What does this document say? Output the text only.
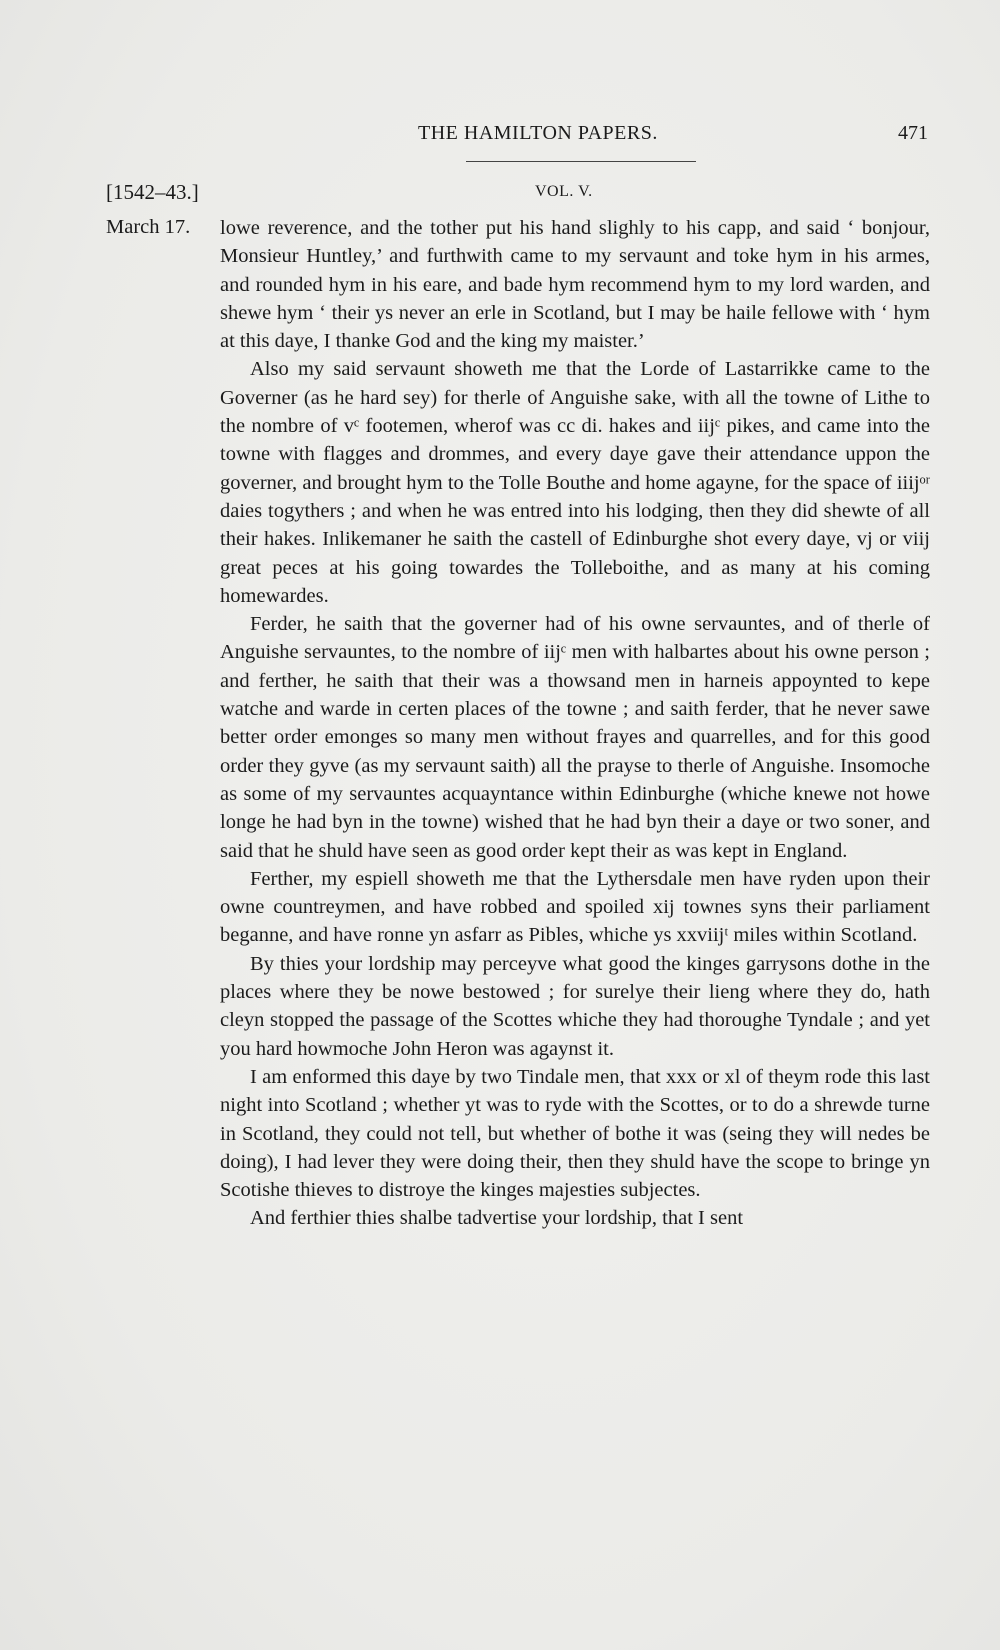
THE HAMILTON PAPERS.	471
[1542–43.]	VOL. V.
March 17. lowe reverence, and the tother put his hand slighly to his capp, and said ‘ bonjour, Monsieur Huntley,’ and furthwith came to my servaunt and toke hym in his armes, and rounded hym in his eare, and bade hym recommend hym to my lord warden, and shewe hym ‘ their ys never an erle in Scotland, but I may be haile fellowe with ‘ hym at this daye, I thanke God and the king my maister.’

Also my said servaunt showeth me that the Lorde of Lastarrikke came to the Governer (as he hard sey) for therle of Anguishe sake, with all the towne of Lithe to the nombre of vᶜ footemen, wherof was cc di. hakes and iijᶜ pikes, and came into the towne with flagges and drommes, and every daye gave their attendance uppon the governer, and brought hym to the Tolle Bouthe and home agayne, for the space of iiijᵒʳ daies togythers ; and when he was entred into his lodging, then they did shewte of all their hakes. Inlikemaner he saith the castell of Edinburghe shot every daye, vj or viij great peces at his going towardes the Tolleboithe, and as many at his coming homewardes.

Ferder, he saith that the governer had of his owne servauntes, and of therle of Anguishe servauntes, to the nombre of iijᶜ men with halbartes about his owne person ; and ferther, he saith that their was a thowsand men in harneis appoynted to kepe watche and warde in certen places of the towne ; and saith ferder, that he never sawe better order emonges so many men without frayes and quarrelles, and for this good order they gyve (as my servaunt saith) all the prayse to therle of Anguishe. Insomoche as some of my servauntes acquayntance within Edinburghe (whiche knewe not howe longe he had byn in the towne) wished that he had byn their a daye or two soner, and said that he shuld have seen as good order kept their as was kept in England.

Ferther, my espiell showeth me that the Lythersdale men have ryden upon their owne countreymen, and have robbed and spoiled xij townes syns their parliament beganne, and have ronne yn asfarr as Pibles, whiche ys xxviijᵗ miles within Scotland.

By thies your lordship may perceyve what good the kinges garrysons dothe in the places where they be nowe bestowed ; for surelye their lieng where they do, hath cleyn stopped the passage of the Scottes whiche they had thoroughe Tyndale ; and yet you hard howmoche John Heron was agaynst it.

I am enformed this daye by two Tindale men, that xxx or xl of theym rode this last night into Scotland ; whether yt was to ryde with the Scottes, or to do a shrewde turne in Scotland, they could not tell, but whether of bothe it was (seing they will nedes be doing), I had lever they were doing their, then they shuld have the scope to bringe yn Scotishe thieves to distroye the kinges majesties subjectes.

And ferthier thies shalbe tadvertise your lordship, that I sent
